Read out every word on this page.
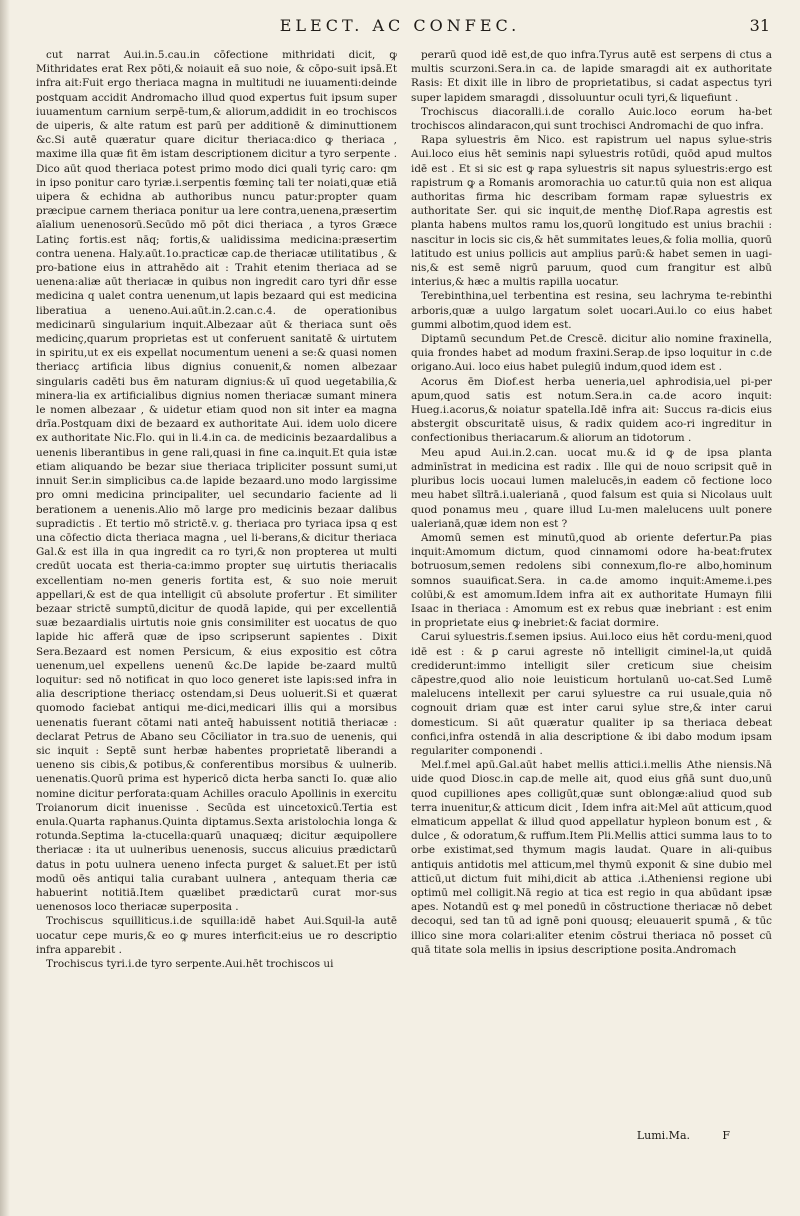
ELECT. AC CONFEC.	31

cut narrat Aui.in.5.cau.in cōfectione mithridati dicit, ꝙ Mithridates erat Rex pōti,& noiauit eā suo noie, & cōpo-suit ipsā.Et infra ait:Fuit ergo theriaca magna in multitudi ne iuuamenti:deinde postquam accidit Andromacho illud quod expertus fuit ipsum super iuuamentum carnium serpē-tum,& aliorum,addidit in eo trochiscos de uiperis, & alte ratum est parū per additionē & diminuttionem &c.Si autē quæratur quare dicitur theriaca:dico ꝙ theriaca , maxime illa quæ fit ēm istam descriptionem dicitur a tyro serpente . Dico aūt quod theriaca potest primo modo dici quali tyriç caro: qm in ipso ponitur caro tyriæ.i.serpentis fœminç tali ter noiati,quæ etiā uipera & echidna ab authoribus nuncu patur:propter quam præcipue carnem theriaca ponitur ua lere contra,uenena,præsertim aīalium uenenosorū.Secūdo mō pōt dici theriaca , a tyros Græce Latinç fortis.est nāq; fortis,& ualidissima medicina:præsertim contra uenena. Haly.aūt.1o.practicæ cap.de theriacæ utilitatibus , & pro-batione eius in attrahēdo ait : Trahit etenim theriaca ad se uenena:aliæ aūt theriacæ in quibus non ingredit caro tyri dñr esse medicina q ualet contra uenenum,ut lapis bezaard qui est medicina liberatiua a ueneno.Aui.aūt.in.2.can.c.4. de operationibus medicinarū singularium inquit.Albezaar aūt & theriaca sunt oēs medicinç,quarum proprietas est ut conferuent sanitatē & uirtutem in spiritu,ut ex eis expellat nocumentum ueneni a se:& quasi nomen theriacç artificia libus dignius conuenit,& nomen albezaar singularis cadēti bus ēm naturam dignius:& uī quod uegetabilia,& minera-lia ex artificialibus dignius nomen theriacæ sumant minera le nomen albezaar , & uidetur etiam quod non sit inter ea magna drīa.Postquam dixi de bezaard ex authoritate Aui. idem uolo dicere ex authoritate Nic.Flo. qui in li.4.in ca. de medicinis bezaardalibus a uenenis liberantibus in gene rali,quasi in fine ca.inquit.Et quia istæ etiam aliquando be bezar siue theriaca tripliciter possunt sumi,ut innuit Ser.in simplicibus ca.de lapide bezaard.uno modo largissime pro omni medicina principaliter, uel secundario faciente ad li berationem a uenenis.Alio mō large pro medicinis bezaar dalibus supradictis . Et tertio mō strictē.v. g. theriaca pro tyriaca ipsa q est una cōfectio dicta theriaca magna , uel li-berans,& dicitur theriaca Gal.& est illa in qua ingredit ca ro tyri,& non propterea ut multi credūt uocata est theria-ca:immo propter suę uirtutis theriacalis excellentiam no-men generis fortita est, & suo noie meruit appellari,& est de qua intelligit cū absolute profertur . Et similiter bezaar strictē sumptū,dicitur de quodā lapide, qui per excellentiā suæ bezaardialis uirtutis noie gnis consimiliter est uocatus de quo lapide hic afferā quæ de ipso scripserunt sapientes . Dixit Sera.Bezaard est nomen Persicum, & eius expositio est cōtra uenenum,uel expellens uenenū &c.De lapide be-zaard multū loquitur: sed nō notificat in quo loco generet iste lapis:sed infra in alia descriptione theriacç ostendam,si Deus uoluerit.Si et quærat quomodo faciebat antiqui me-dici,medicari illis qui a morsibus uenenatis fuerant cōtami nati anteq̄ habuissent notitiā theriacæ : declarat Petrus de Abano seu Cōciliator in tra.suo de uenenis, qui sic inquit : Septē sunt herbæ habentes proprietatē liberandi a ueneno sis cibis,& potibus,& conferentibus morsibus & uulnerib. uenenatis.Quorū prima est hypericō dicta herba sancti Io. quæ alio nomine dicitur perforata:quam Achilles oraculo Apollinis in exercitu Troianorum dicit inuenisse . Secūda est uincetoxicū.Tertia est enula.Quarta raphanus.Quinta diptamus.Sexta aristolochia longa & rotunda.Septima la-ctucella:quarū unaquæq; dicitur æquipollere theriacæ : ita ut uulneribus uenenosis, succus alicuius prædictarū datus in potu uulnera ueneno infecta purget & saluet.Et per istū modū oēs antiqui talia curabant uulnera , antequam theria cæ habuerint notitiā.Item quælibet prædictarū curat mor-sus uenenosos loco theriacæ superposita .

Trochiscus squilliticus.i.de squilla:idē habet Aui.Squil-la autē uocatur cepe muris,& eo ꝙ mures interficit:eius ue ro descriptio infra apparebit .

Trochiscus tyri.i.de tyro serpente.Aui.hēt trochiscos ui

perarū quod idē est,de quo infra.Tyrus autē est serpens di ctus a multis scurzoni.Sera.in ca. de lapide smaragdi ait ex authoritate Rasis: Et dixit ille in libro de proprietatibus, si cadat aspectus tyri super lapidem smaragdi , dissoluuntur oculi tyri,& liquefiunt .

Trochiscus diacoralli.i.de corallo Auic.loco eorum ha-bet trochiscos alindaracon,qui sunt trochisci Andromachi de quo infra.

Rapa syluestris ēm Nico. est rapistrum uel napus sylue-stris Aui.loco eius hēt seminis napi syluestris rotūdi, quōd apud multos idē est . Et si sic est ꝙ rapa syluestris sit napus syluestris:ergo est rapistrum ꝙ a Romanis aromorachia uo catur.tū quia non est aliqua authoritas firma hic describam formam rapæ syluestris ex authoritate Ser. qui sic inquit,de menthę Diof.Rapa agrestis est planta habens multos ramu los,quorū longitudo est unius brachii : nascitur in locis sic cis,& hēt summitates leues,& folia mollia, quorū latitudo est unius pollicis aut amplius parū:& habet semen in uagi-nis,& est semē nigrū paruum, quod cum frangitur est albū interius,& hæc a multis rapilla uocatur.

Terebinthina,uel terbentina est resina, seu lachryma te-rebinthi arboris,quæ a uulgo largatum solet uocari.Aui.lo co eius habet gummi albotim,quod idem est.

Diptamū secundum Pet.de Crescē. dicitur alio nomine fraxinella, quia frondes habet ad modum fraxini.Serap.de ipso loquitur in c.de origano.Aui. loco eius habet pulegiū indum,quod idem est .

Acorus ēm Diof.est herba ueneria,uel aphrodisia,uel pi-per apum,quod satis est notum.Sera.in ca.de acoro inquit: Hueg.i.acorus,& noiatur spatella.Idē infra ait: Succus ra-dicis eius abstergit obscuritatē uisus, & radix quidem aco-ri ingreditur in confectionibus theriacarum.& aliorum an tidotorum .

Meu apud Aui.in.2.can. uocat mu.& id ꝙ de ipsa planta adminīstrat in medicina est radix . Ille qui de nouo scripsit quē in pluribus locis uocaui lumen malelucēs,in eadem cō fectione loco meu habet sīltrā.i.ualerianā , quod falsum est quia si Nicolaus uult quod ponamus meu , quare illud Lu-men malelucens uult ponere ualerianā,quæ idem non est ?

Amomū semen est minutū,quod ab oriente defertur.Pa pias inquit:Amomum dictum, quod cinnamomi odore ha-beat:frutex botruosum,semen redolens sibi connexum,flo-re albo,hominum somnos suauificat.Sera. in ca.de amomo inquit:Ameme.i.pes colūbi,& est amomum.Idem infra ait ex authoritate Humayn filii Isaac in theriaca : Amomum est ex rebus quæ inebriant : est enim in proprietate eius ꝙ inebriet:& faciat dormire.

Carui syluestris.f.semen ipsius. Aui.loco eius hēt cordu-meni,quod idē est : & ꝑ carui agreste nō intelligit ciminel-la,ut quidā crediderunt:immo intelligit siler creticum siue cheisim cāpestre,quod alio noie leuisticum hortulanū uo-cat.Sed Lumē malelucens intellexit per carui syluestre ca rui usuale,quia nō cognouit driam quæ est inter carui sylue stre,& inter carui domesticum. Si aūt quæratur qualiter ip sa theriaca debeat confici,infra ostendā in alia descriptione & ibi dabo modum ipsam regulariter componendi .

Mel.f.mel apū.Gal.aūt habet mellis attici.i.mellis Athe niensis.Nā uide quod Diosc.in cap.de melle ait, quod eius gñā sunt duo,unū quod cupilliones apes colligūt,quæ sunt oblongæ:aliud quod sub terra inuenitur,& atticum dicit , Idem infra ait:Mel aūt atticum,quod elmaticum appellat & illud quod appellatur hypleon bonum est , & dulce , & odoratum,& ruffum.Item Pli.Mellis attici summa laus to to orbe existimat,sed thymum magis laudat. Quare in ali-quibus antiquis antidotis mel atticum,mel thymū exponit & sine dubio mel atticū,ut dictum fuit mihi,dicit ab attica .i.Atheniensi regione ubi optimū mel colligit.Nā regio at tica est regio in qua abūdant ipsæ apes. Notandū est ꝙ mel ponedū in cōstructione theriacæ nō debet decoqui, sed tan tū ad ignē poni quousq; eleuauerit spumā , & tūc illico sine mora colari:aliter etenim cōstrui theriaca nō posset cū quā titate sola mellis in ipsius descriptione posita.Andromach

Lumi.Ma.	F
